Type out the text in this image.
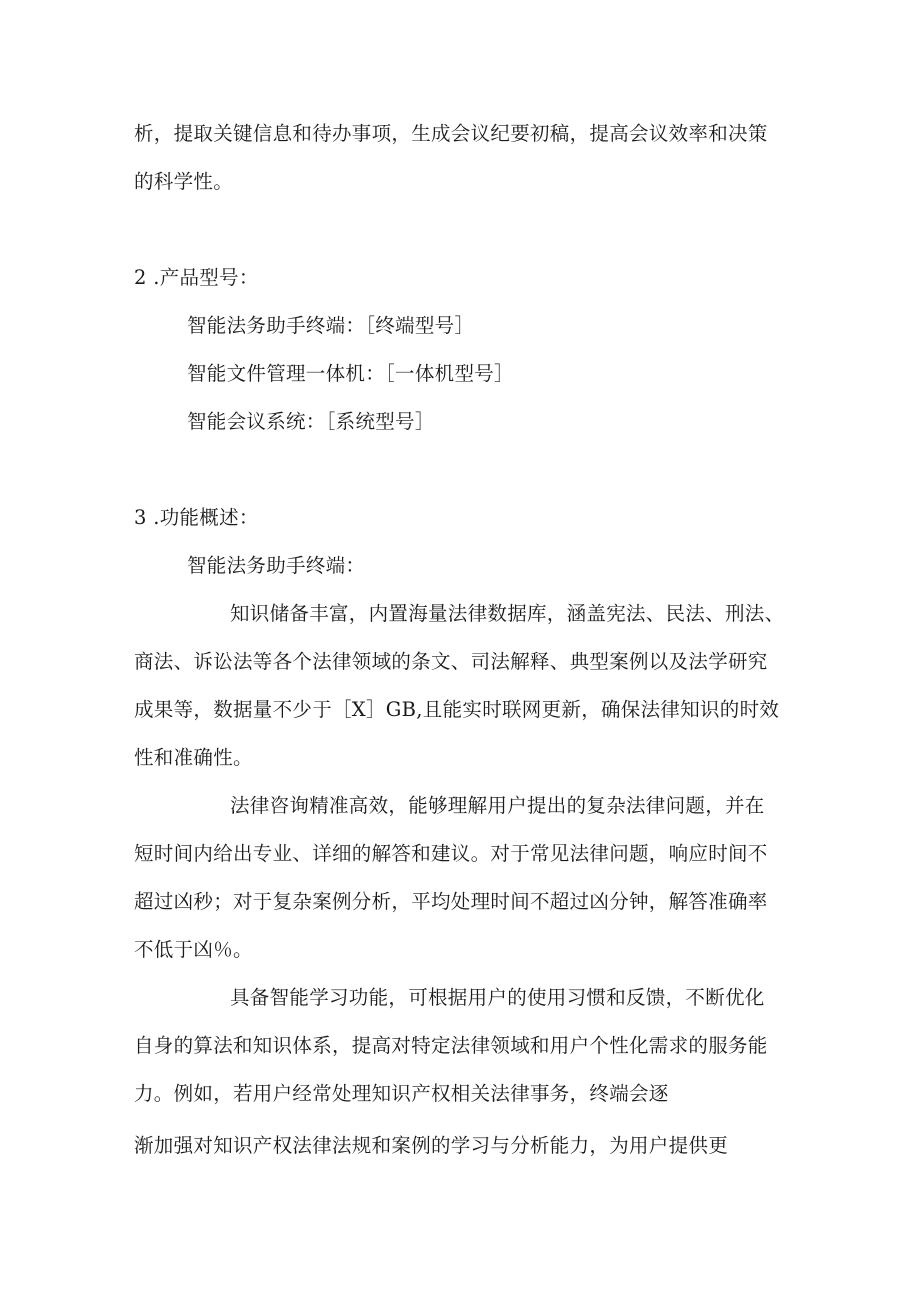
析，提取关键信息和待办事项，生成会议纪要初稿，提高会议效率和决策
的科学性。
2 .产品型号：
智能法务助手终端：［终端型号］
智能文件管理一体机：［一体机型号］
智能会议系统：［系统型号］
3 .功能概述：
智能法务助手终端：
知识储备丰富，内置海量法律数据库，涵盖宪法、民法、刑法、
商法、诉讼法等各个法律领域的条文、司法解释、典型案例以及法学研究
成果等，数据量不少于［X］GB,且能实时联网更新，确保法律知识的时效
性和准确性。
法律咨询精准高效，能够理解用户提出的复杂法律问题，并在
短时间内给出专业、详细的解答和建议。对于常见法律问题，响应时间不
超过凶秒；对于复杂案例分析，平均处理时间不超过凶分钟，解答准确率
不低于凶％。
具备智能学习功能，可根据用户的使用习惯和反馈，不断优化
自身的算法和知识体系，提高对特定法律领域和用户个性化需求的服务能
力。例如，若用户经常处理知识产权相关法律事务，终端会逐
渐加强对知识产权法律法规和案例的学习与分析能力，为用户提供更
